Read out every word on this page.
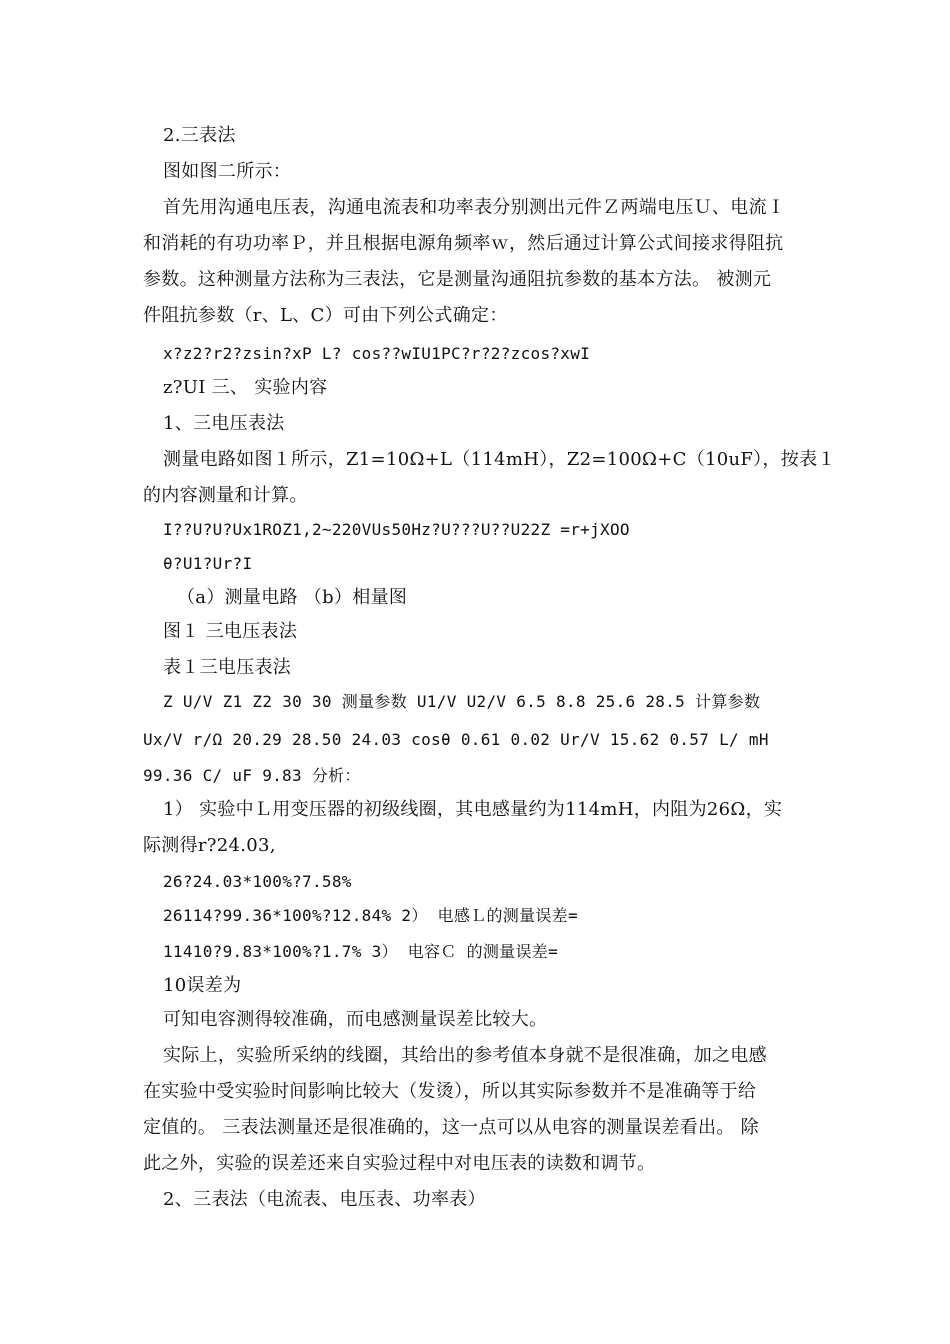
2.三表法
图如图二所示：
首先用沟通电压表，沟通电流表和功率表分别测出元件Ｚ两端电压Ｕ、电流Ｉ
和消耗的有功功率Ｐ，并且根据电源角频率ｗ，然后通过计算公式间接求得阻抗
参数。这种测量方法称为三表法，它是测量沟通阻抗参数的基本方法。 被测元
件阻抗参数（r、L、C）可由下列公式确定：
x?z2?r2?zsin?xP L? cos??wIU1PC?r?2?zcos?xwI
z?UI 三、 实验内容
1、三电压表法
测量电路如图１所示，Z1=10Ω+L（114mH），Z2=100Ω+C（10uF），按表１
的内容测量和计算。
I??U?U?Ux1ROZ1,2~220VUs50Hz?U???U??U22Z =r+jXOO
θ?U1?Ur?I
（a）测量电路 （b）相量图
图１ 三电压表法
表１三电压表法
Z U/V Z1 Z2 30 30 测量参数 U1/V U2/V 6.5 8.8 25.6 28.5 计算参数
Ux/V r/Ω 20.29 28.50 24.03 cosθ 0.61 0.02 Ur/V 15.62 0.57 L/ mH
99.36 C/ uF 9.83 分析：
1） 实验中Ｌ用变压器的初级线圈，其电感量约为114mH，内阻为26Ω，实
际测得r?24.03,
26?24.03*100%?7.58%
26114?99.36*100%?12.84% 2） 电感Ｌ的测量误差=
11410?9.83*100%?1.7% 3） 电容Ｃ 的测量误差=
10误差为
可知电容测得较准确，而电感测量误差比较大。
实际上，实验所采纳的线圈，其给出的参考值本身就不是很准确，加之电感
在实验中受实验时间影响比较大（发烫），所以其实际参数并不是准确等于给
定值的。 三表法测量还是很准确的，这一点可以从电容的测量误差看出。 除
此之外，实验的误差还来自实验过程中对电压表的读数和调节。
2、三表法（电流表、电压表、功率表）
